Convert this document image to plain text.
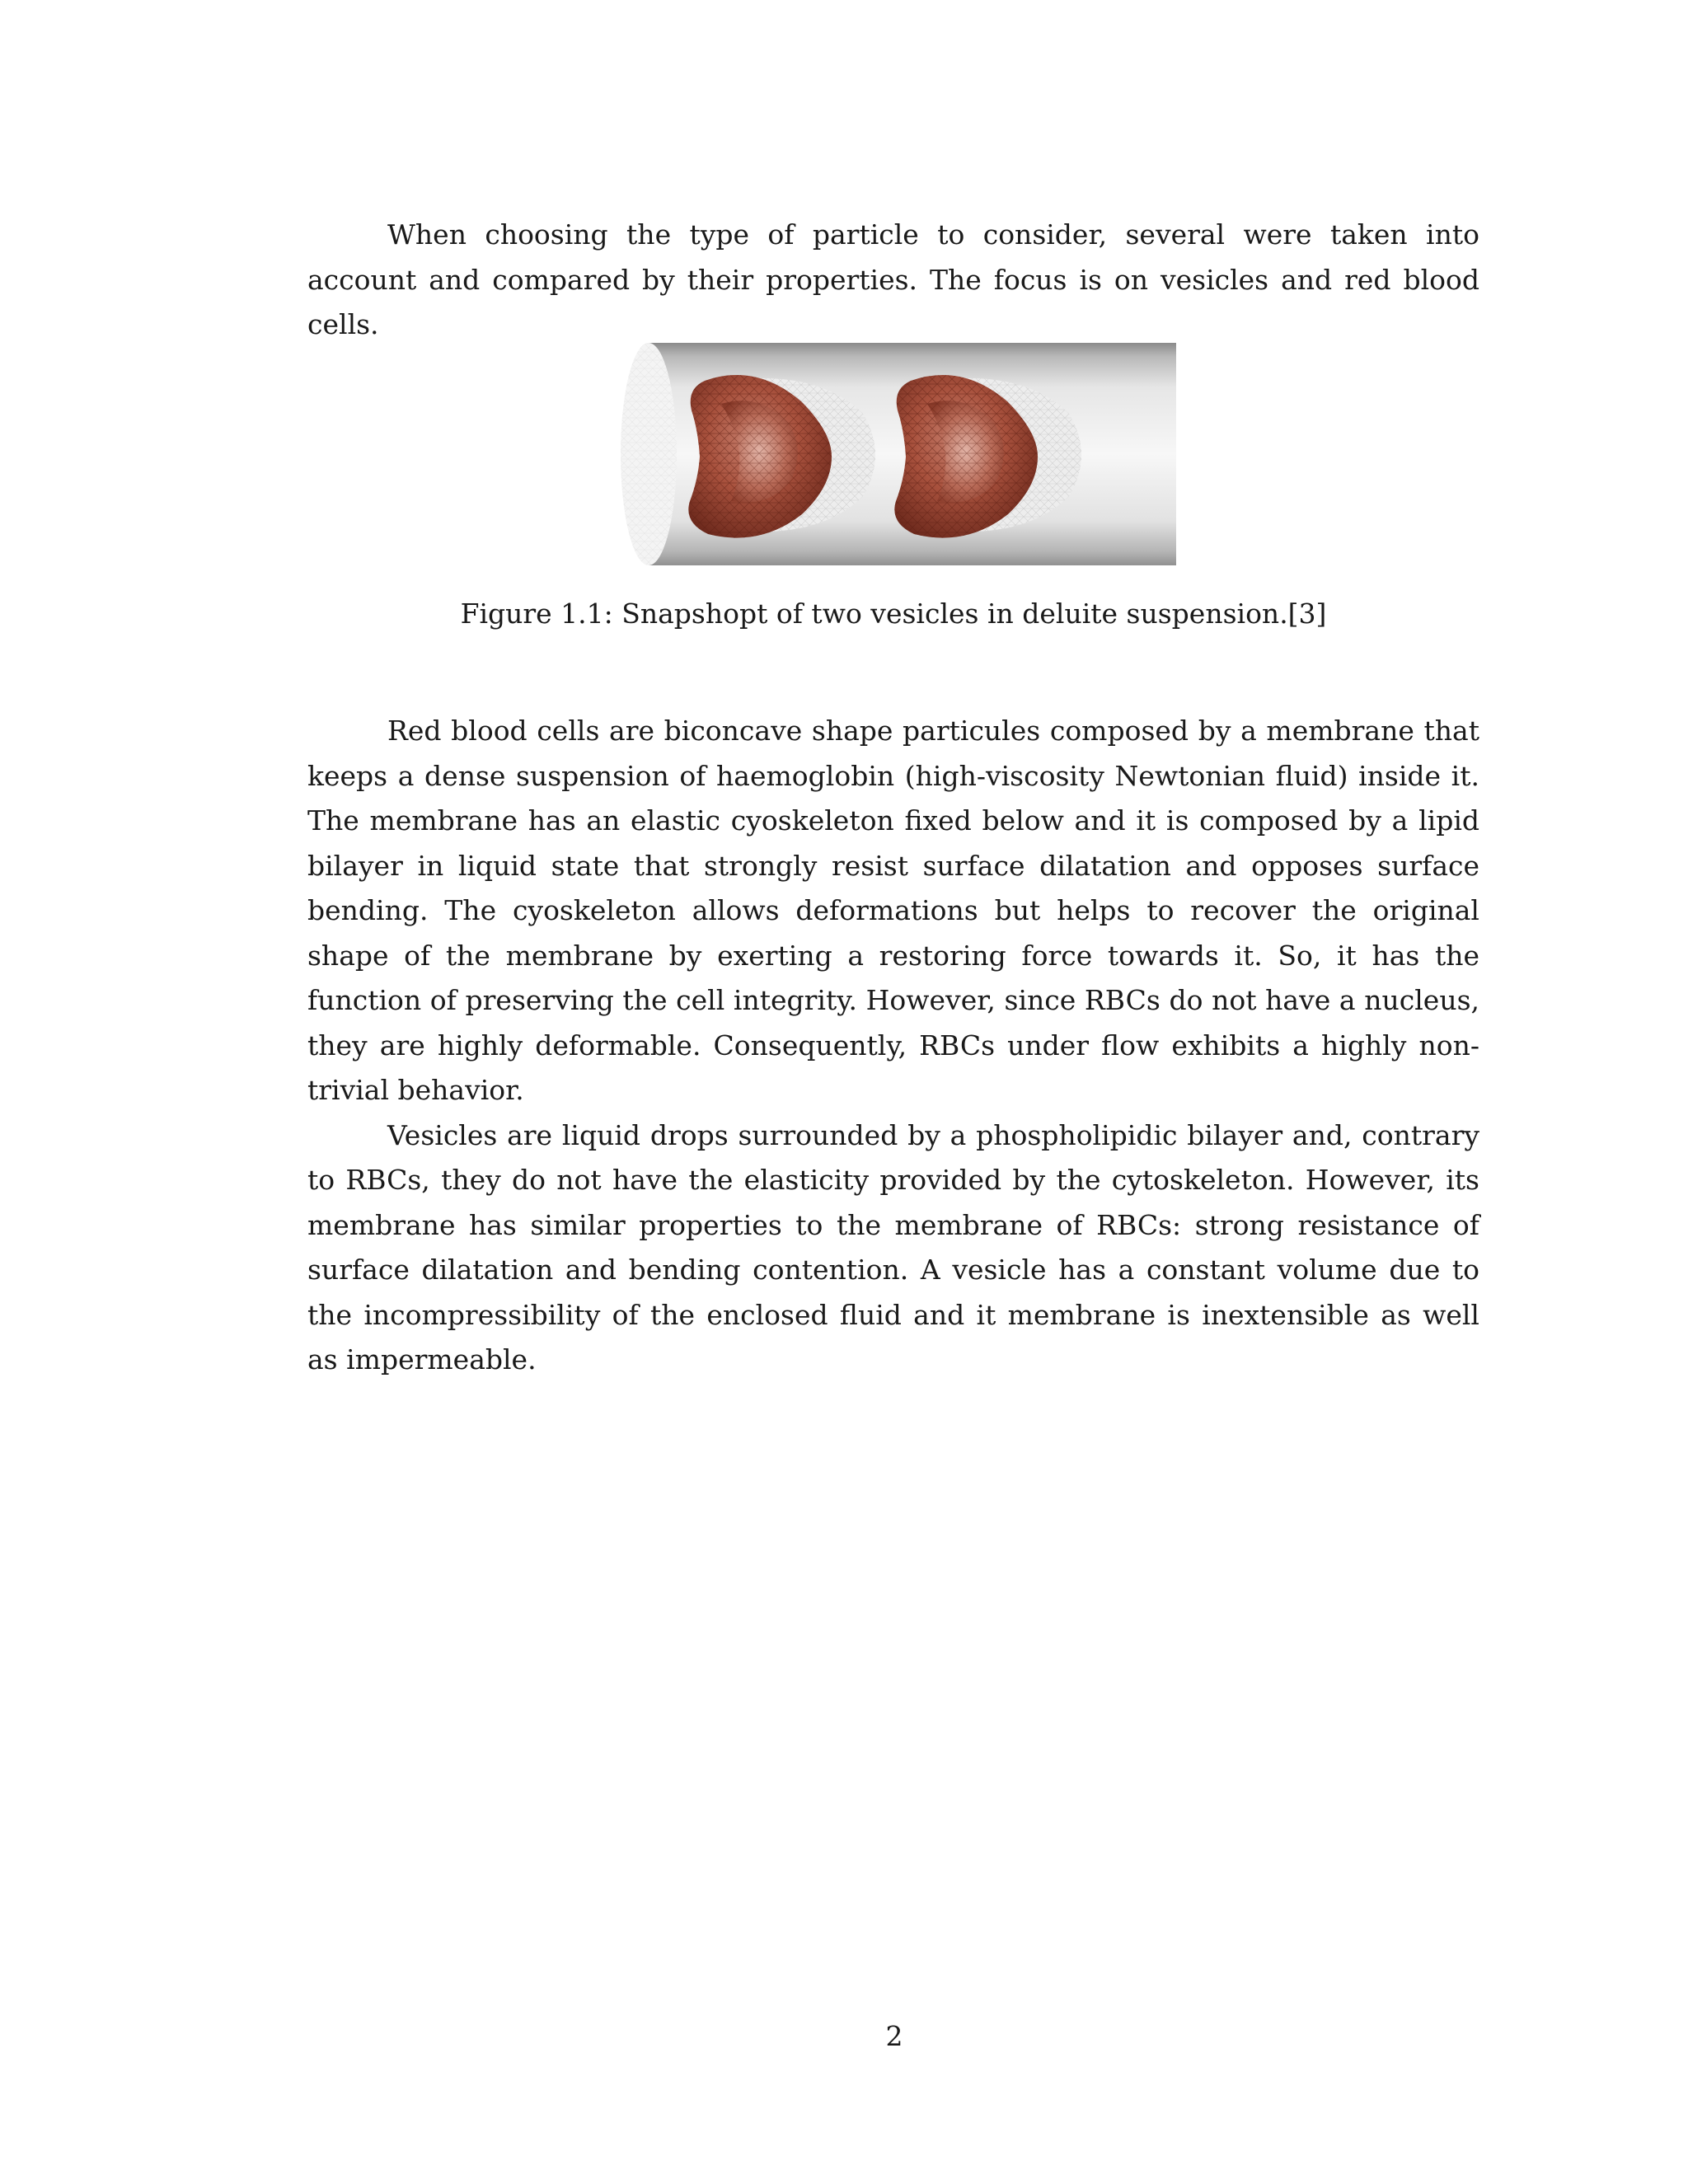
When choosing the type of particle to consider, several were taken into account and compared by their properties. The focus is on vesicles and red blood cells.

Figure 1.1: Snapshopt of two vesicles in deluite suspension.[3]

Red blood cells are biconcave shape particules composed by a membrane that keeps a dense suspension of haemoglobin (high-viscosity Newtonian fluid) inside it. The membrane has an elastic cyoskeleton fixed below and it is composed by a lipid bilayer in liquid state that strongly resist surface dilatation and opposes surface bending. The cyoskeleton allows deformations but helps to recover the original shape of the membrane by exerting a restoring force towards it. So, it has the function of preserving the cell integrity. However, since RBCs do not have a nucleus, they are highly deformable. Consequently, RBCs under flow exhibits a highly non-trivial behavior.

Vesicles are liquid drops surrounded by a phospholipidic bilayer and, contrary to RBCs, they do not have the elasticity provided by the cytoskeleton. However, its membrane has similar properties to the membrane of RBCs: strong resistance of surface dilatation and bending contention. A vesicle has a constant volume due to the incompressibility of the enclosed fluid and it membrane is inextensible as well as impermeable.

2
